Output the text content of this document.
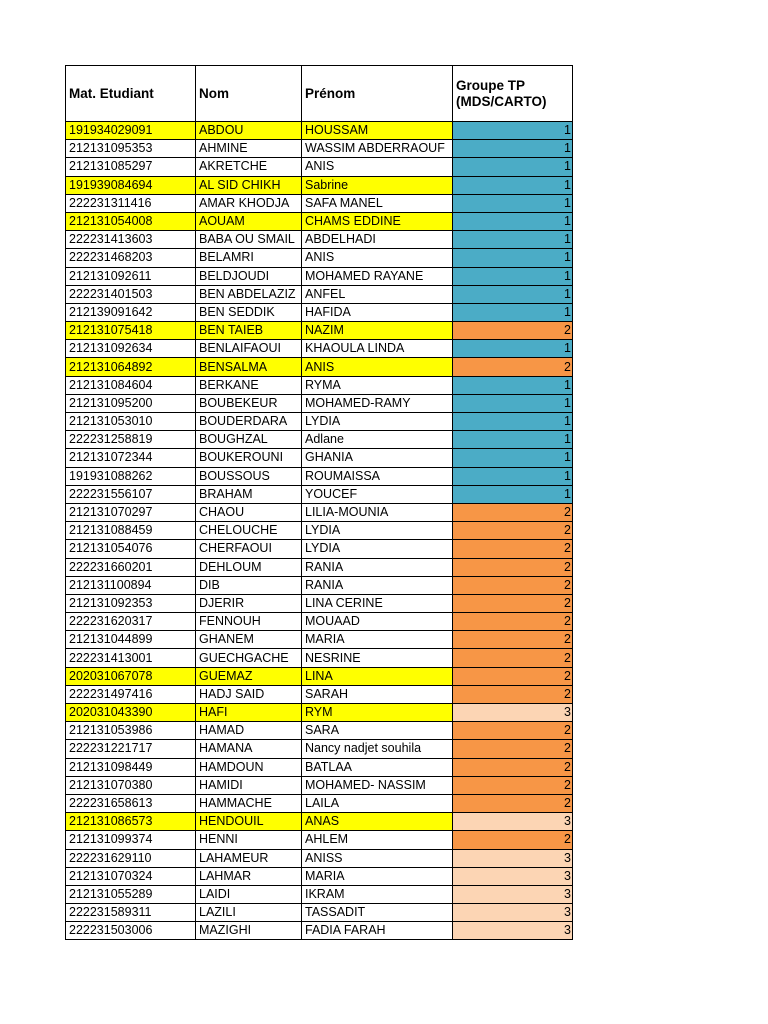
Mat. Etudiant	Nom	Prénom	Groupe TP (MDS/CARTO)
191934029091	ABDOU	HOUSSAM	1
212131095353	AHMINE	WASSIM ABDERRAOUF	1
212131085297	AKRETCHE	ANIS	1
191939084694	AL SID CHIKH	Sabrine	1
222231311416	AMAR KHODJA	SAFA MANEL	1
212131054008	AOUAM	CHAMS EDDINE	1
222231413603	BABA OU SMAIL	ABDELHADI	1
222231468203	BELAMRI	ANIS	1
212131092611	BELDJOUDI	MOHAMED RAYANE	1
222231401503	BEN ABDELAZIZ	ANFEL	1
212139091642	BEN SEDDIK	HAFIDA	1
212131075418	BEN TAIEB	NAZIM	2
212131092634	BENLAIFAOUI	KHAOULA LINDA	1
212131064892	BENSALMA	ANIS	2
212131084604	BERKANE	RYMA	1
212131095200	BOUBEKEUR	MOHAMED-RAMY	1
212131053010	BOUDERDARA	LYDIA	1
222231258819	BOUGHZAL	Adlane	1
212131072344	BOUKEROUNI	GHANIA	1
191931088262	BOUSSOUS	ROUMAISSA	1
222231556107	BRAHAM	YOUCEF	1
212131070297	CHAOU	LILIA-MOUNIA	2
212131088459	CHELOUCHE	LYDIA	2
212131054076	CHERFAOUI	LYDIA	2
222231660201	DEHLOUM	RANIA	2
212131100894	DIB	RANIA	2
212131092353	DJERIR	LINA CERINE	2
222231620317	FENNOUH	MOUAAD	2
212131044899	GHANEM	MARIA	2
222231413001	GUECHGACHE	NESRINE	2
202031067078	GUEMAZ	LINA	2
222231497416	HADJ SAID	SARAH	2
202031043390	HAFI	RYM	3
212131053986	HAMAD	SARA	2
222231221717	HAMANA	Nancy nadjet souhila	2
212131098449	HAMDOUN	BATLAA	2
212131070380	HAMIDI	MOHAMED- NASSIM	2
222231658613	HAMMACHE	LAILA	2
212131086573	HENDOUIL	ANAS	3
212131099374	HENNI	AHLEM	2
222231629110	LAHAMEUR	ANISS	3
212131070324	LAHMAR	MARIA	3
212131055289	LAIDI	IKRAM	3
222231589311	LAZILI	TASSADIT	3
222231503006	MAZIGHI	FADIA FARAH	3
